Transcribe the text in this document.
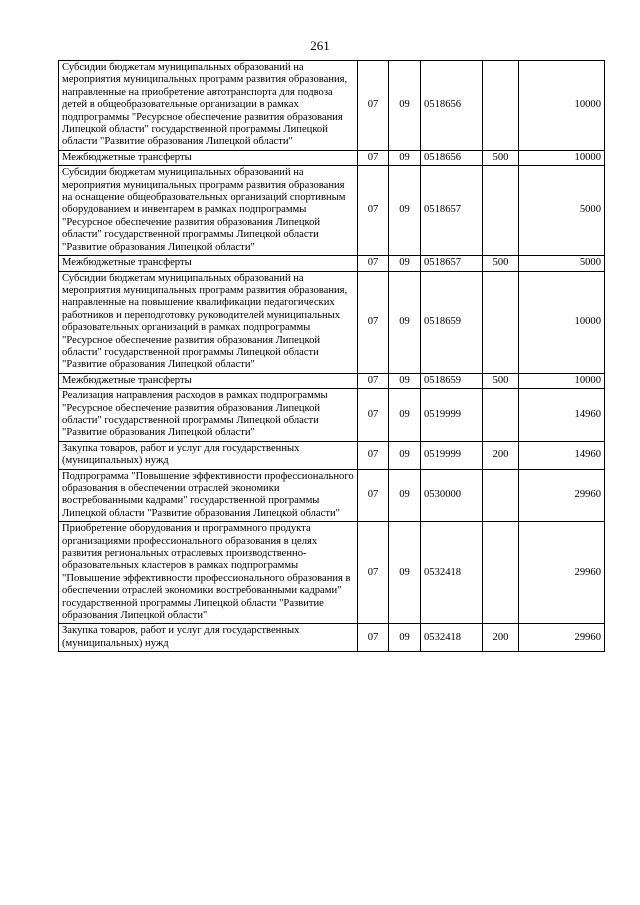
261
Субсидии бюджетам муниципальных образований на мероприятия муниципальных программ развития образования, направленные на приобретение автотранспорта для подвоза детей в общеобразовательные организации в рамках подпрограммы "Ресурсное обеспечение развития образования Липецкой области" государственной программы Липецкой области "Развитие образования Липецкой области"	07	09	0518656		10000
Межбюджетные трансферты	07	09	0518656	500	10000
Субсидии бюджетам муниципальных образований на мероприятия муниципальных программ развития образования на оснащение общеобразовательных организаций спортивным оборудованием и инвентарем в рамках подпрограммы "Ресурсное обеспечение развития образования Липецкой области" государственной программы Липецкой области "Развитие образования Липецкой области"	07	09	0518657		5000
Межбюджетные трансферты	07	09	0518657	500	5000
Субсидии бюджетам муниципальных образований на мероприятия муниципальных программ развития образования, направленные на повышение квалификации педагогических работников и переподготовку руководителей муниципальных образовательных организаций в рамках подпрограммы "Ресурсное обеспечение развития образования Липецкой области" государственной программы Липецкой области "Развитие образования Липецкой области"	07	09	0518659		10000
Межбюджетные трансферты	07	09	0518659	500	10000
Реализация направления расходов в рамках подпрограммы "Ресурсное обеспечение развития образования Липецкой области" государственной программы Липецкой области "Развитие образования Липецкой области"	07	09	0519999		14960
Закупка товаров, работ и услуг для государственных (муниципальных) нужд	07	09	0519999	200	14960
Подпрограмма "Повышение эффективности профессионального образования в обеспечении отраслей экономики востребованными кадрами" государственной программы Липецкой области "Развитие образования Липецкой области"	07	09	0530000		29960
Приобретение оборудования и программного продукта организациями профессионального образования в целях развития региональных отраслевых производственно-образовательных кластеров в рамках подпрограммы "Повышение эффективности профессионального образования в обеспечении отраслей экономики востребованными кадрами" государственной программы Липецкой области "Развитие образования Липецкой области"	07	09	0532418		29960
Закупка товаров, работ и услуг для государственных (муниципальных) нужд	07	09	0532418	200	29960
